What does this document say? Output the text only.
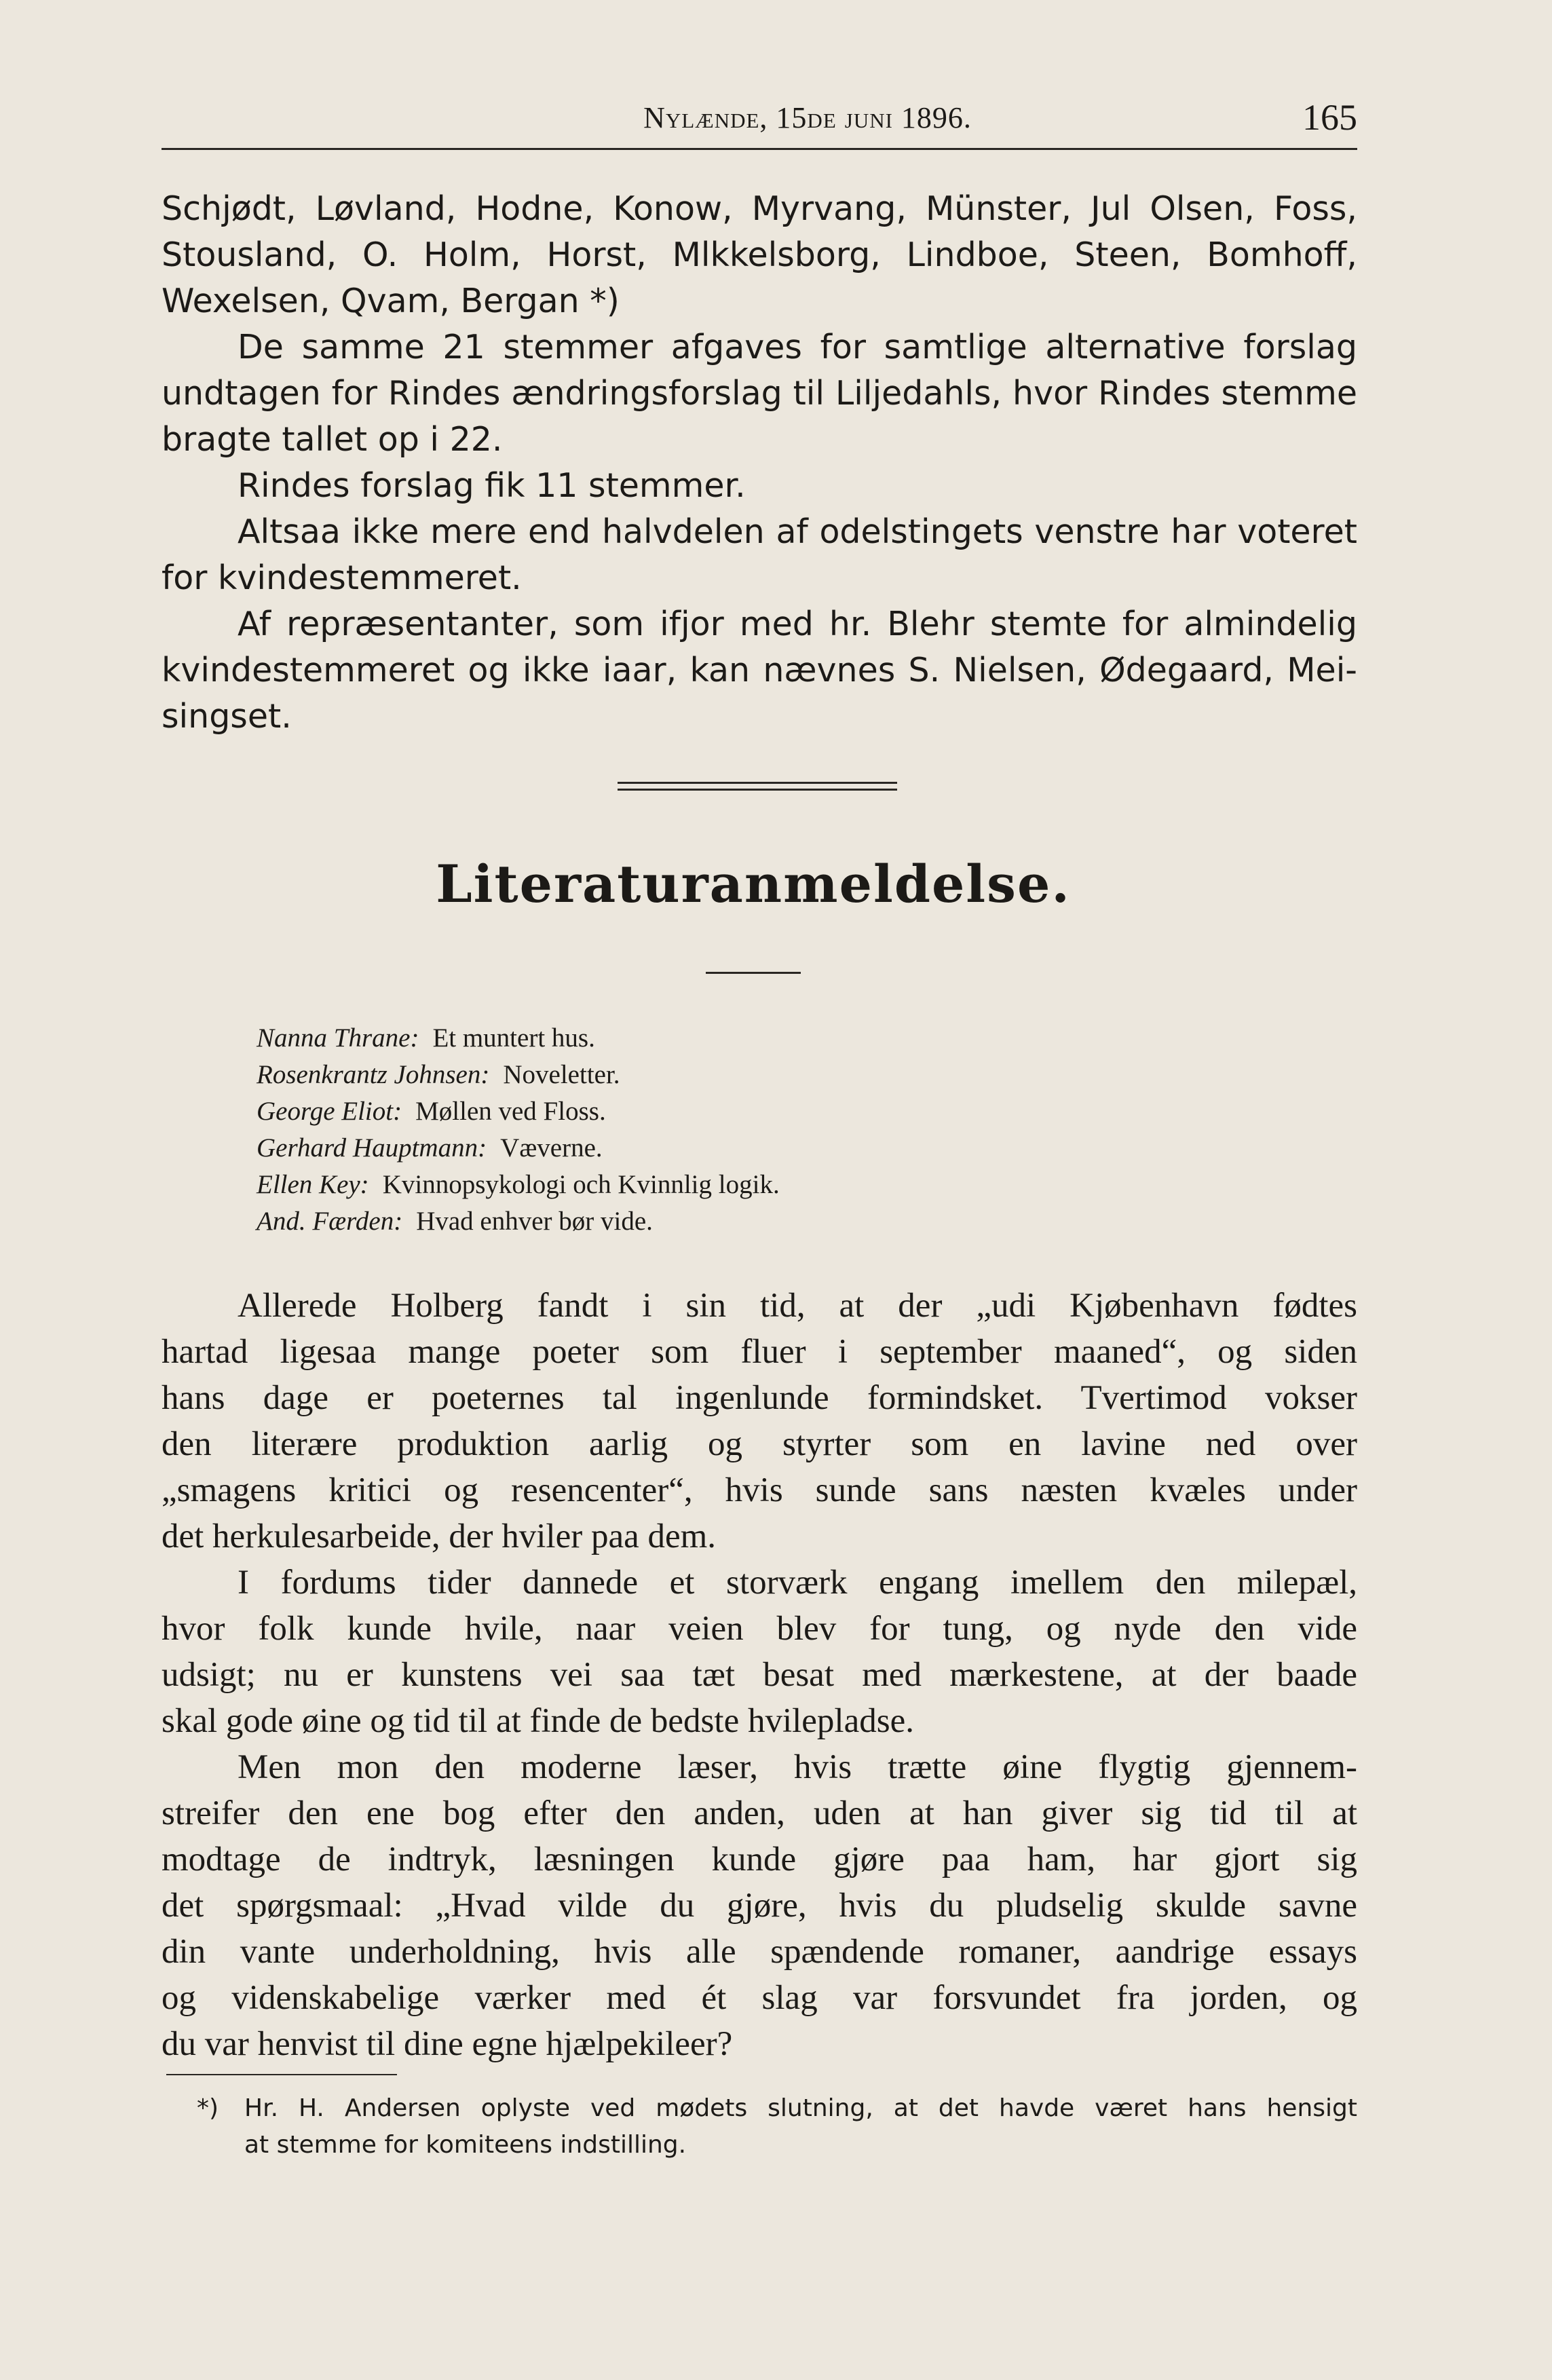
Nylænde, 15de juni 1896.	165
Schjødt, Løvland, Hodne, Konow, Myrvang, Münster, Jul Olsen, Foss,
Stousland, O. Holm, Horst, Mlkkelsborg, Lindboe, Steen, Bomhoff,
Wexelsen, Qvam, Bergan *)
De samme 21 stemmer afgaves for samtlige alternative forslag
undtagen for Rindes ændringsforslag til Liljedahls, hvor Rindes stemme
bragte tallet op i 22.
Rindes forslag fik 11 stemmer.
Altsaa ikke mere end halvdelen af odelstingets venstre har voteret
for kvindestemmeret.
Af repræsentanter, som ifjor med hr. Blehr stemte for almindelig
kvindestemmeret og ikke iaar, kan nævnes S. Nielsen, Ødegaard, Mei-
singset.
Literaturanmeldelse.
Nanna Thrane: Et muntert hus.
Rosenkrantz Johnsen: Noveletter.
George Eliot: Møllen ved Floss.
Gerhard Hauptmann: Væverne.
Ellen Key: Kvinnopsykologi och Kvinnlig logik.
And. Færden: Hvad enhver bør vide.
Allerede Holberg fandt i sin tid, at der „udi Kjøbenhavn fødtes
hartad ligesaa mange poeter som fluer i september maaned“, og siden
hans dage er poeternes tal ingenlunde formindsket. Tvertimod vokser
den literære produktion aarlig og styrter som en lavine ned over
„smagens kritici og resencenter“, hvis sunde sans næsten kvæles under
det herkulesarbeide, der hviler paa dem.
I fordums tider dannede et storværk engang imellem den milepæl,
hvor folk kunde hvile, naar veien blev for tung, og nyde den vide
udsigt; nu er kunstens vei saa tæt besat med mærkestene, at der baade
skal gode øine og tid til at finde de bedste hvilepladse.
Men mon den moderne læser, hvis trætte øine flygtig gjennem-
streifer den ene bog efter den anden, uden at han giver sig tid til at
modtage de indtryk, læsningen kunde gjøre paa ham, har gjort sig
det spørgsmaal: „Hvad vilde du gjøre, hvis du pludselig skulde savne
din vante underholdning, hvis alle spændende romaner, aandrige essays
og videnskabelige værker med ét slag var forsvundet fra jorden, og
du var henvist til dine egne hjælpekileer?
*) Hr. H. Andersen oplyste ved mødets slutning, at det havde været hans hensigt
at stemme for komiteens indstilling.
